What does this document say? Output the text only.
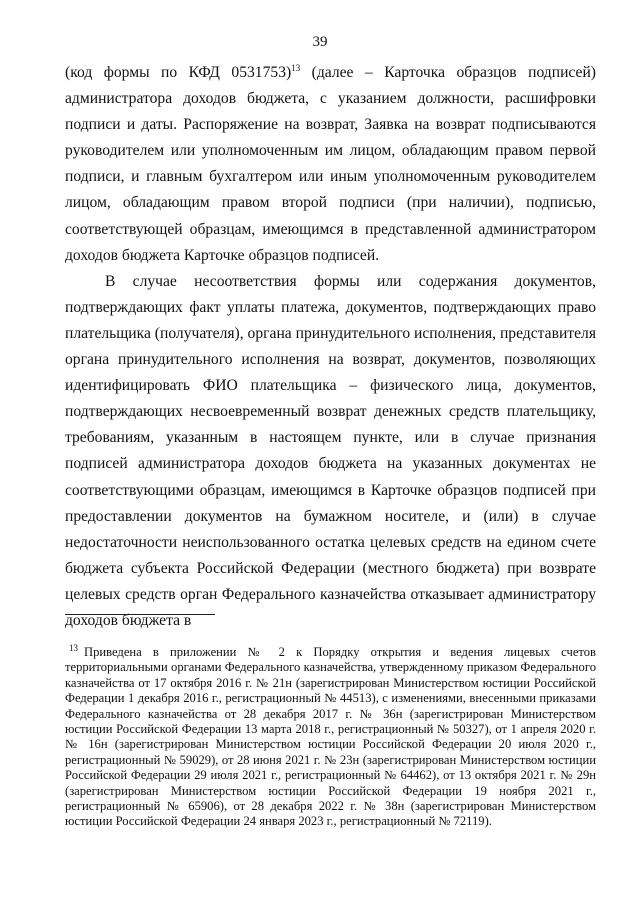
39

(код формы по КФД 0531753)$^{13}$ (далее – Карточка образцов подписей) администратора доходов бюджета, с указанием должности, расшифровки подписи и даты. Распоряжение на возврат, Заявка на возврат подписываются руководителем или уполномоченным им лицом, обладающим правом первой подписи, и главным бухгалтером или иным уполномоченным руководителем лицом, обладающим правом второй подписи (при наличии), подписью, соответствующей образцам, имеющимся в представленной администратором доходов бюджета Карточке образцов подписей.

В случае несоответствия формы или содержания документов, подтверждающих факт уплаты платежа, документов, подтверждающих право плательщика (получателя), органа принудительного исполнения, представителя органа принудительного исполнения на возврат, документов, позволяющих идентифицировать ФИО плательщика – физического лица, документов, подтверждающих несвоевременный возврат денежных средств плательщику, требованиям, указанным в настоящем пункте, или в случае признания подписей администратора доходов бюджета на указанных документах не соответствующими образцам, имеющимся в Карточке образцов подписей при предоставлении документов на бумажном носителе, и (или) в случае недостаточности неиспользованного остатка целевых средств на едином счете бюджета субъекта Российской Федерации (местного бюджета) при возврате целевых средств орган Федерального казначейства отказывает администратору доходов бюджета в

$^{13}$ Приведена в приложении № 2 к Порядку открытия и ведения лицевых счетов территориальными органами Федерального казначейства, утвержденному приказом Федерального казначейства от 17 октября 2016 г. № 21н (зарегистрирован Министерством юстиции Российской Федерации 1 декабря 2016 г., регистрационный № 44513), с изменениями, внесенными приказами Федерального казначейства от 28 декабря 2017 г. № 36н (зарегистрирован Министерством юстиции Российской Федерации 13 марта 2018 г., регистрационный № 50327), от 1 апреля 2020 г. № 16н (зарегистрирован Министерством юстиции Российской Федерации 20 июля 2020 г., регистрационный № 59029), от 28 июня 2021 г. № 23н (зарегистрирован Министерством юстиции Российской Федерации 29 июля 2021 г., регистрационный № 64462), от 13 октября 2021 г. № 29н (зарегистрирован Министерством юстиции Российской Федерации 19 ноября 2021 г., регистрационный № 65906), от 28 декабря 2022 г. № 38н (зарегистрирован Министерством юстиции Российской Федерации 24 января 2023 г., регистрационный № 72119).
